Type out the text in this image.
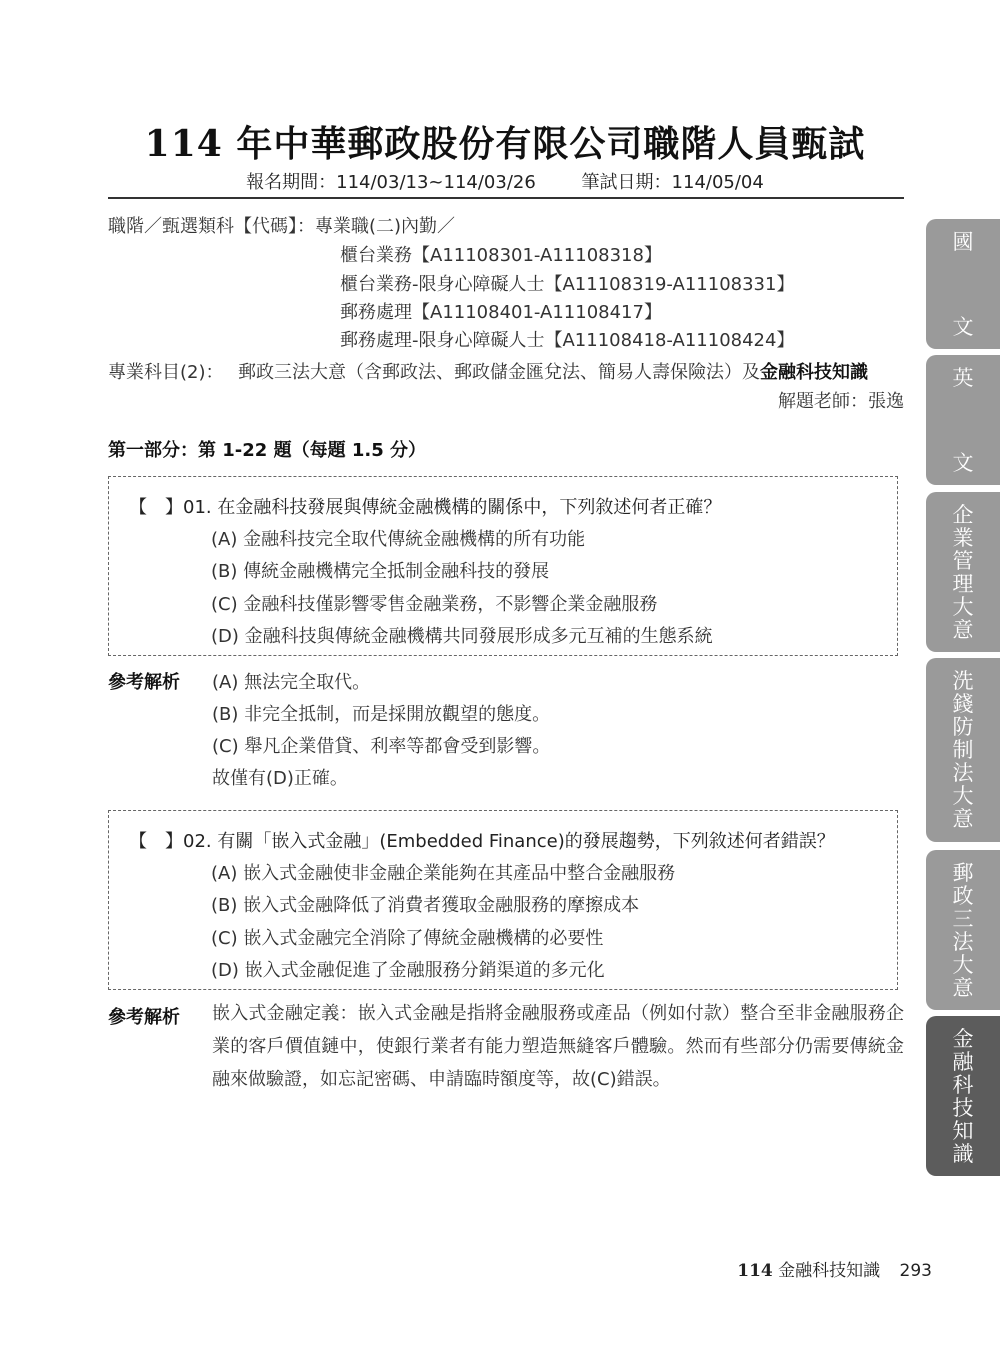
114 年中華郵政股份有限公司職階人員甄試
報名期間：114/03/13~114/03/26	筆試日期：114/05/04
職階／甄選類科【代碼】：專業職(二)內勤／
櫃台業務【A11108301-A11108318】
櫃台業務-限身心障礙人士【A11108319-A11108331】
郵務處理【A11108401-A11108417】
郵務處理-限身心障礙人士【A11108418-A11108424】
專業科目(2)： 郵政三法大意（含郵政法、郵政儲金匯兌法、簡易人壽保險法）及金融科技知識
解題老師：張逸
第一部分：第 1-22 題（每題 1.5 分）
【　】01. 在金融科技發展與傳統金融機構的關係中，下列敘述何者正確？
(A) 金融科技完全取代傳統金融機構的所有功能
(B) 傳統金融機構完全抵制金融科技的發展
(C) 金融科技僅影響零售金融業務，不影響企業金融服務
(D) 金融科技與傳統金融機構共同發展形成多元互補的生態系統
參考解析 (A) 無法完全取代。
(B) 非完全抵制，而是採開放觀望的態度。
(C) 舉凡企業借貸、利率等都會受到影響。
故僅有(D)正確。
【　】02. 有關「嵌入式金融」(Embedded Finance)的發展趨勢，下列敘述何者錯誤？
(A) 嵌入式金融使非金融企業能夠在其產品中整合金融服務
(B) 嵌入式金融降低了消費者獲取金融服務的摩擦成本
(C) 嵌入式金融完全消除了傳統金融機構的必要性
(D) 嵌入式金融促進了金融服務分銷渠道的多元化
參考解析 嵌入式金融定義：嵌入式金融是指將金融服務或產品（例如付款）整合至非金融服務企業的客戶價值鏈中，使銀行業者有能力塑造無縫客戶體驗。然而有些部分仍需要傳統金融來做驗證，如忘記密碼、申請臨時額度等，故(C)錯誤。
國
文
英
文
企
業
管
理
大
意
洗
錢
防
制
法
大
意
郵
政
三
法
大
意
金
融
科
技
知
識
114 金融科技知識 293
